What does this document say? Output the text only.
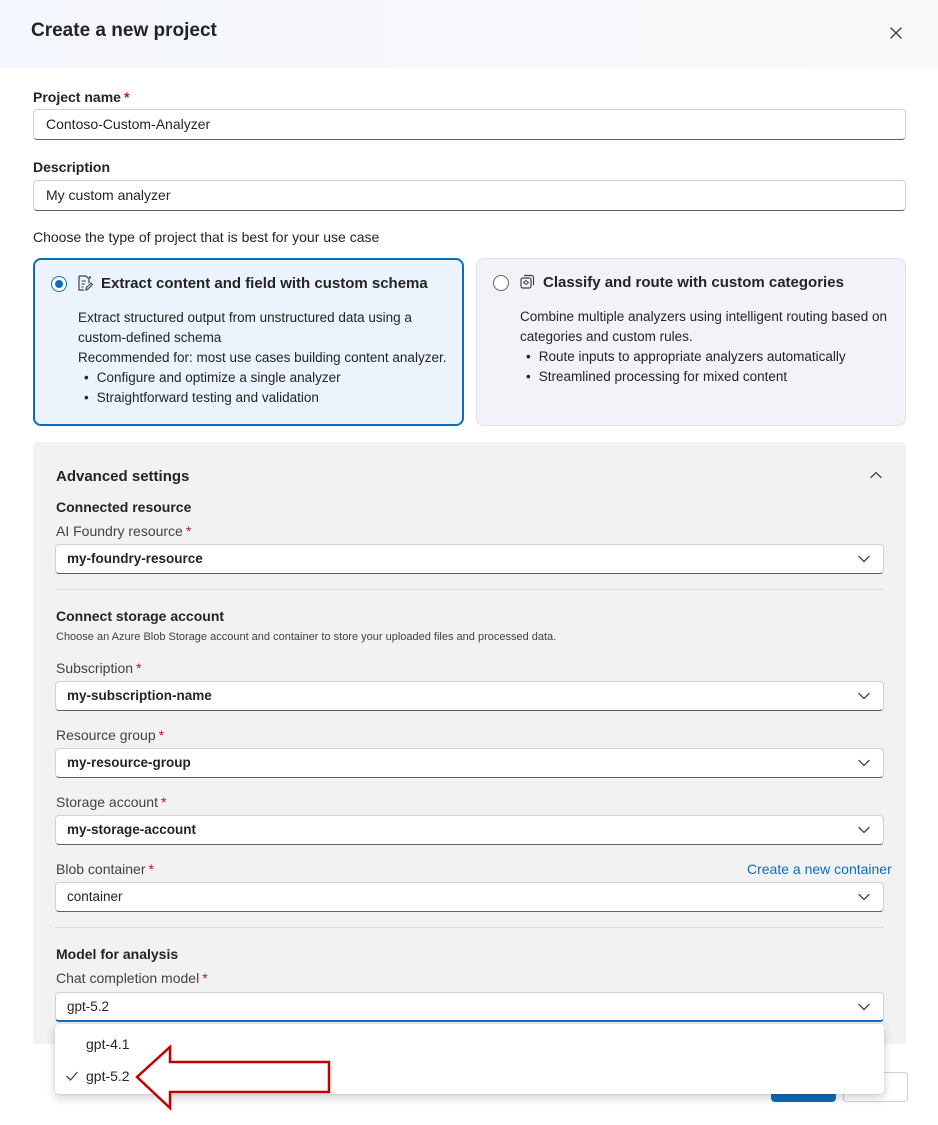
Create a new project
Project name *
Contoso-Custom-Analyzer
Description
My custom analyzer
Choose the type of project that is best for your use case
Extract content and field with custom schema
Extract structured output from unstructured data using a custom-defined schema
Recommended for: most use cases building content analyzer.
• Configure and optimize a single analyzer
• Straightforward testing and validation
Classify and route with custom categories
Combine multiple analyzers using intelligent routing based on categories and custom rules.
• Route inputs to appropriate analyzers automatically
• Streamlined processing for mixed content
Advanced settings
Connected resource
AI Foundry resource *
my-foundry-resource
Connect storage account
Choose an Azure Blob Storage account and container to store your uploaded files and processed data.
Subscription *
my-subscription-name
Resource group *
my-resource-group
Storage account *
my-storage-account
Blob container *	Create a new container
container
Model for analysis
Chat completion model *
gpt-5.2
gpt-4.1
gpt-5.2
